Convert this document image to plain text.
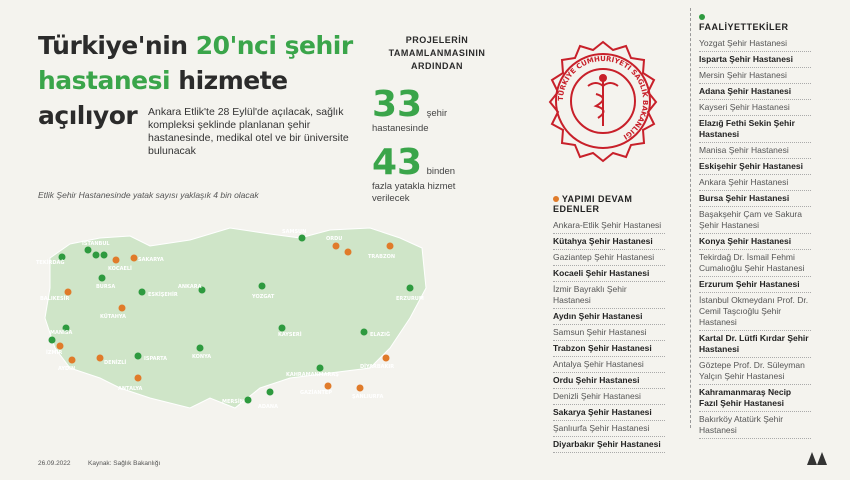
Türkiye'nin 20'nci şehir
hastanesi hizmete
açılıyor	Ankara Etlik'te 28 Eylül'de açılacak, sağlık kompleksi şeklinde planlanan şehir hastanesinde, medikal otel ve bir üniversite bulunacak
Etlik Şehir Hastanesinde yatak sayısı yaklaşık 4 bin olacak
PROJELERİN TAMAMLANMASININ ARDINDAN
33 şehir
hastanesinde
43 binden
fazla yatakla hizmet verilecek
TÜRKİYE CUMHURİYETİ SAĞLIK BAKANLIĞI
TEKİRDAĞ
İSTANBUL
KOCAELİ
SAKARYA
BURSA
BALIKESİR
ESKİŞEHİR
ANKARA
YOZGAT
SAMSUN
ORDU
TRABZON
ERZURUM
MANİSA
İZMİR
AYDIN
DENİZLİ
ISPARTA	KONYA
KAYSERİ	ELAZIĞ
KAHRAMANMARAŞ
DİYARBAKIR
GAZİANTEP
MERSİN
ADANA
ANTALYA
KÜTAHYA
ŞANLIURFA
YAPIMI DEVAM EDENLER
Ankara-Etlik Şehir Hastanesi
Kütahya Şehir Hastanesi
Gaziantep Şehir Hastanesi
Kocaeli Şehir Hastanesi
İzmir Bayraklı Şehir Hastanesi
Aydın Şehir Hastanesi
Samsun Şehir Hastanesi
Trabzon Şehir Hastanesi
Antalya Şehir Hastanesi
Ordu Şehir Hastanesi
Denizli Şehir Hastanesi
Sakarya Şehir Hastanesi
Şanlıurfa Şehir Hastanesi
Diyarbakır Şehir Hastanesi

FAALİYETTEKİLER
Yozgat Şehir Hastanesi
Isparta Şehir Hastanesi
Mersin Şehir Hastanesi
Adana Şehir Hastanesi
Kayseri Şehir Hastanesi
Elazığ Fethi Sekin Şehir Hastanesi
Manisa Şehir Hastanesi
Eskişehir Şehir Hastanesi
Ankara Şehir Hastanesi
Bursa Şehir Hastanesi
Başakşehir Çam ve Sakura Şehir Hastanesi
Konya Şehir Hastanesi
Tekirdağ Dr. İsmail Fehmi Cumalıoğlu Şehir Hastanesi
Erzurum Şehir Hastanesi
İstanbul Okmeydanı Prof. Dr. Cemil Taşcıoğlu Şehir Hastanesi
Kartal Dr. Lütfi Kırdar Şehir Hastanesi
Göztepe Prof. Dr. Süleyman Yalçın Şehir Hastanesi
Kahramanmaraş Necip Fazıl Şehir Hastanesi
Bakırköy Atatürk Şehir Hastanesi
26.09.2022	Kaynak: Sağlık Bakanlığı
